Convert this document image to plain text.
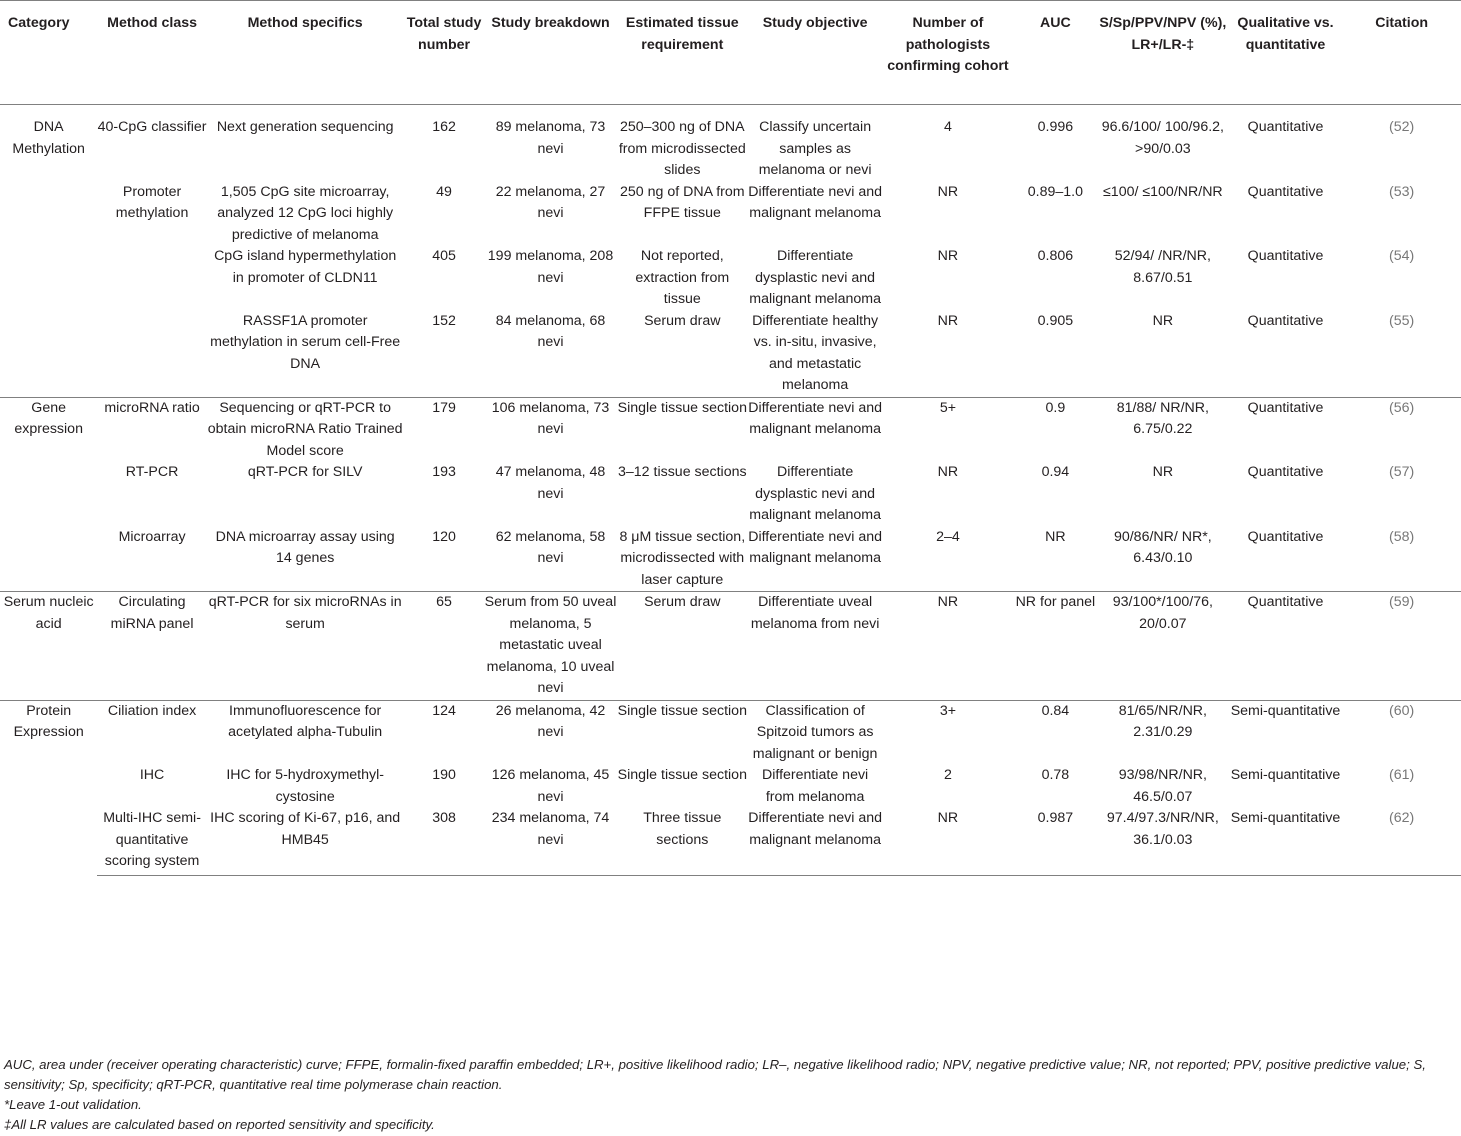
Category	Method class	Method specifics	Total study number	Study breakdown	Estimated tissue requirement	Study objective	Number of pathologists confirming cohort	AUC	S/Sp/PPV/NPV (%), LR+/LR-‡	Qualitative vs. quantitative	Citation
DNA Methylation	40-CpG classifier	Next generation sequencing	162	89 melanoma, 73 nevi	250–300 ng of DNA from microdissected slides	Classify uncertain samples as melanoma or nevi	4	0.996	96.6/100/ 100/96.2, >90/0.03	Quantitative	(52)
	Promoter methylation	1,505 CpG site microarray, analyzed 12 CpG loci highly predictive of melanoma	49	22 melanoma, 27 nevi	250 ng of DNA from FFPE tissue	Differentiate nevi and malignant melanoma	NR	0.89–1.0	≤100/ ≤100/NR/NR	Quantitative	(53)
		CpG island hypermethylation in promoter of CLDN11	405	199 melanoma, 208 nevi	Not reported, extraction from tissue	Differentiate dysplastic nevi and malignant melanoma	NR	0.806	52/94/ /NR/NR, 8.67/0.51	Quantitative	(54)
		RASSF1A promoter methylation in serum cell-Free DNA	152	84 melanoma, 68 nevi	Serum draw	Differentiate healthy vs. in-situ, invasive, and metastatic melanoma	NR	0.905	NR	Quantitative	(55)
Gene expression	microRNA ratio	Sequencing or qRT-PCR to obtain microRNA Ratio Trained Model score	179	106 melanoma, 73 nevi	Single tissue section	Differentiate nevi and malignant melanoma	5+	0.9	81/88/ NR/NR, 6.75/0.22	Quantitative	(56)
	RT-PCR	qRT-PCR for SILV	193	47 melanoma, 48 nevi	3–12 tissue sections	Differentiate dysplastic nevi and malignant melanoma	NR	0.94	NR	Quantitative	(57)
	Microarray	DNA microarray assay using 14 genes	120	62 melanoma, 58 nevi	8 μM tissue section, microdissected with laser capture	Differentiate nevi and malignant melanoma	2–4	NR	90/86/NR/ NR*, 6.43/0.10	Quantitative	(58)
Serum nucleic acid	Circulating miRNA panel	qRT-PCR for six microRNAs in serum	65	Serum from 50 uveal melanoma, 5 metastatic uveal melanoma, 10 uveal nevi	Serum draw	Differentiate uveal melanoma from nevi	NR	NR for panel	93/100*/100/76, 20/0.07	Quantitative	(59)
Protein Expression	Ciliation index	Immunofluorescence for acetylated alpha-Tubulin	124	26 melanoma, 42 nevi	Single tissue section	Classification of Spitzoid tumors as malignant or benign	3+	0.84	81/65/NR/NR, 2.31/0.29	Semi-quantitative	(60)
	IHC	IHC for 5-hydroxymethyl-cystosine	190	126 melanoma, 45 nevi	Single tissue section	Differentiate nevi from melanoma	2	0.78	93/98/NR/NR, 46.5/0.07	Semi-quantitative	(61)
	Multi-IHC semi-quantitative scoring system	IHC scoring of Ki-67, p16, and HMB45	308	234 melanoma, 74 nevi	Three tissue sections	Differentiate nevi and malignant melanoma	NR	0.987	97.4/97.3/NR/NR, 36.1/0.03	Semi-quantitative	(62)

AUC, area under (receiver operating characteristic) curve; FFPE, formalin-fixed paraffin embedded; LR+, positive likelihood radio; LR–, negative likelihood radio; NPV, negative predictive value; NR, not reported; PPV, positive predictive value; S, sensitivity; Sp, specificity; qRT-PCR, quantitative real time polymerase chain reaction.

*Leave 1-out validation.

‡All LR values are calculated based on reported sensitivity and specificity.
